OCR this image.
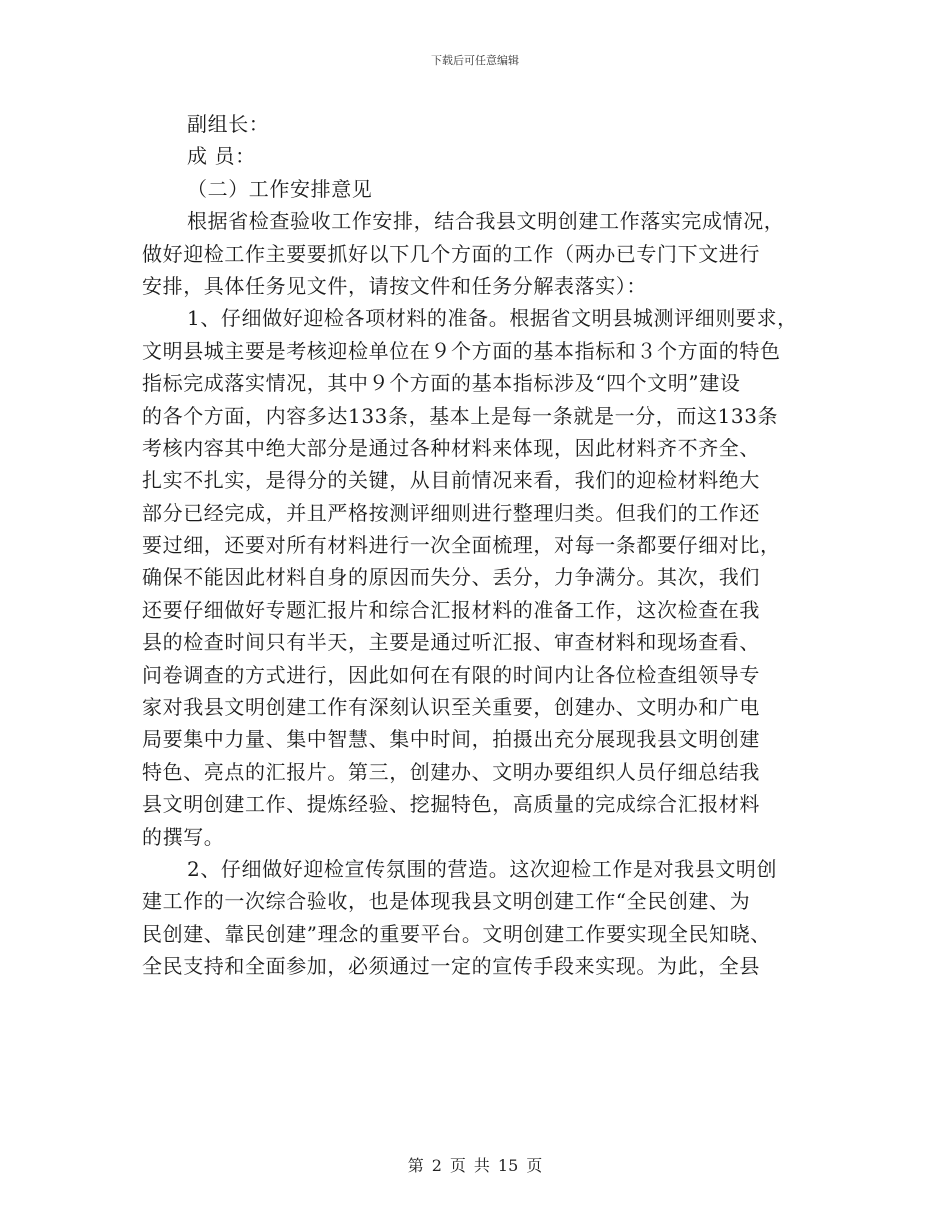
下载后可任意编辑
副组长：
成 员：
（二）工作安排意见
根据省检查验收工作安排，结合我县文明创建工作落实完成情况，
做好迎检工作主要要抓好以下几个方面的工作（两办已专门下文进行
安排，具体任务见文件，请按文件和任务分解表落实）：
1、仔细做好迎检各项材料的准备。根据省文明县城测评细则要求，
文明县城主要是考核迎检单位在９个方面的基本指标和３个方面的特色
指标完成落实情况，其中９个方面的基本指标涉及“四个文明”建设
的各个方面，内容多达133条，基本上是每一条就是一分，而这133条
考核内容其中绝大部分是通过各种材料来体现，因此材料齐不齐全、
扎实不扎实，是得分的关键，从目前情况来看，我们的迎检材料绝大
部分已经完成，并且严格按测评细则进行整理归类。但我们的工作还
要过细，还要对所有材料进行一次全面梳理，对每一条都要仔细对比，
确保不能因此材料自身的原因而失分、丢分，力争满分。其次，我们
还要仔细做好专题汇报片和综合汇报材料的准备工作，这次检查在我
县的检查时间只有半天，主要是通过听汇报、审查材料和现场查看、
问卷调查的方式进行，因此如何在有限的时间内让各位检查组领导专
家对我县文明创建工作有深刻认识至关重要，创建办、文明办和广电
局要集中力量、集中智慧、集中时间，拍摄出充分展现我县文明创建
特色、亮点的汇报片。第三，创建办、文明办要组织人员仔细总结我
县文明创建工作、提炼经验、挖掘特色，高质量的完成综合汇报材料
的撰写。
2、仔细做好迎检宣传氛围的营造。这次迎检工作是对我县文明创
建工作的一次综合验收，也是体现我县文明创建工作“全民创建、为
民创建、靠民创建”理念的重要平台。文明创建工作要实现全民知晓、
全民支持和全面参加，必须通过一定的宣传手段来实现。为此，全县
第 2 页 共 15 页
